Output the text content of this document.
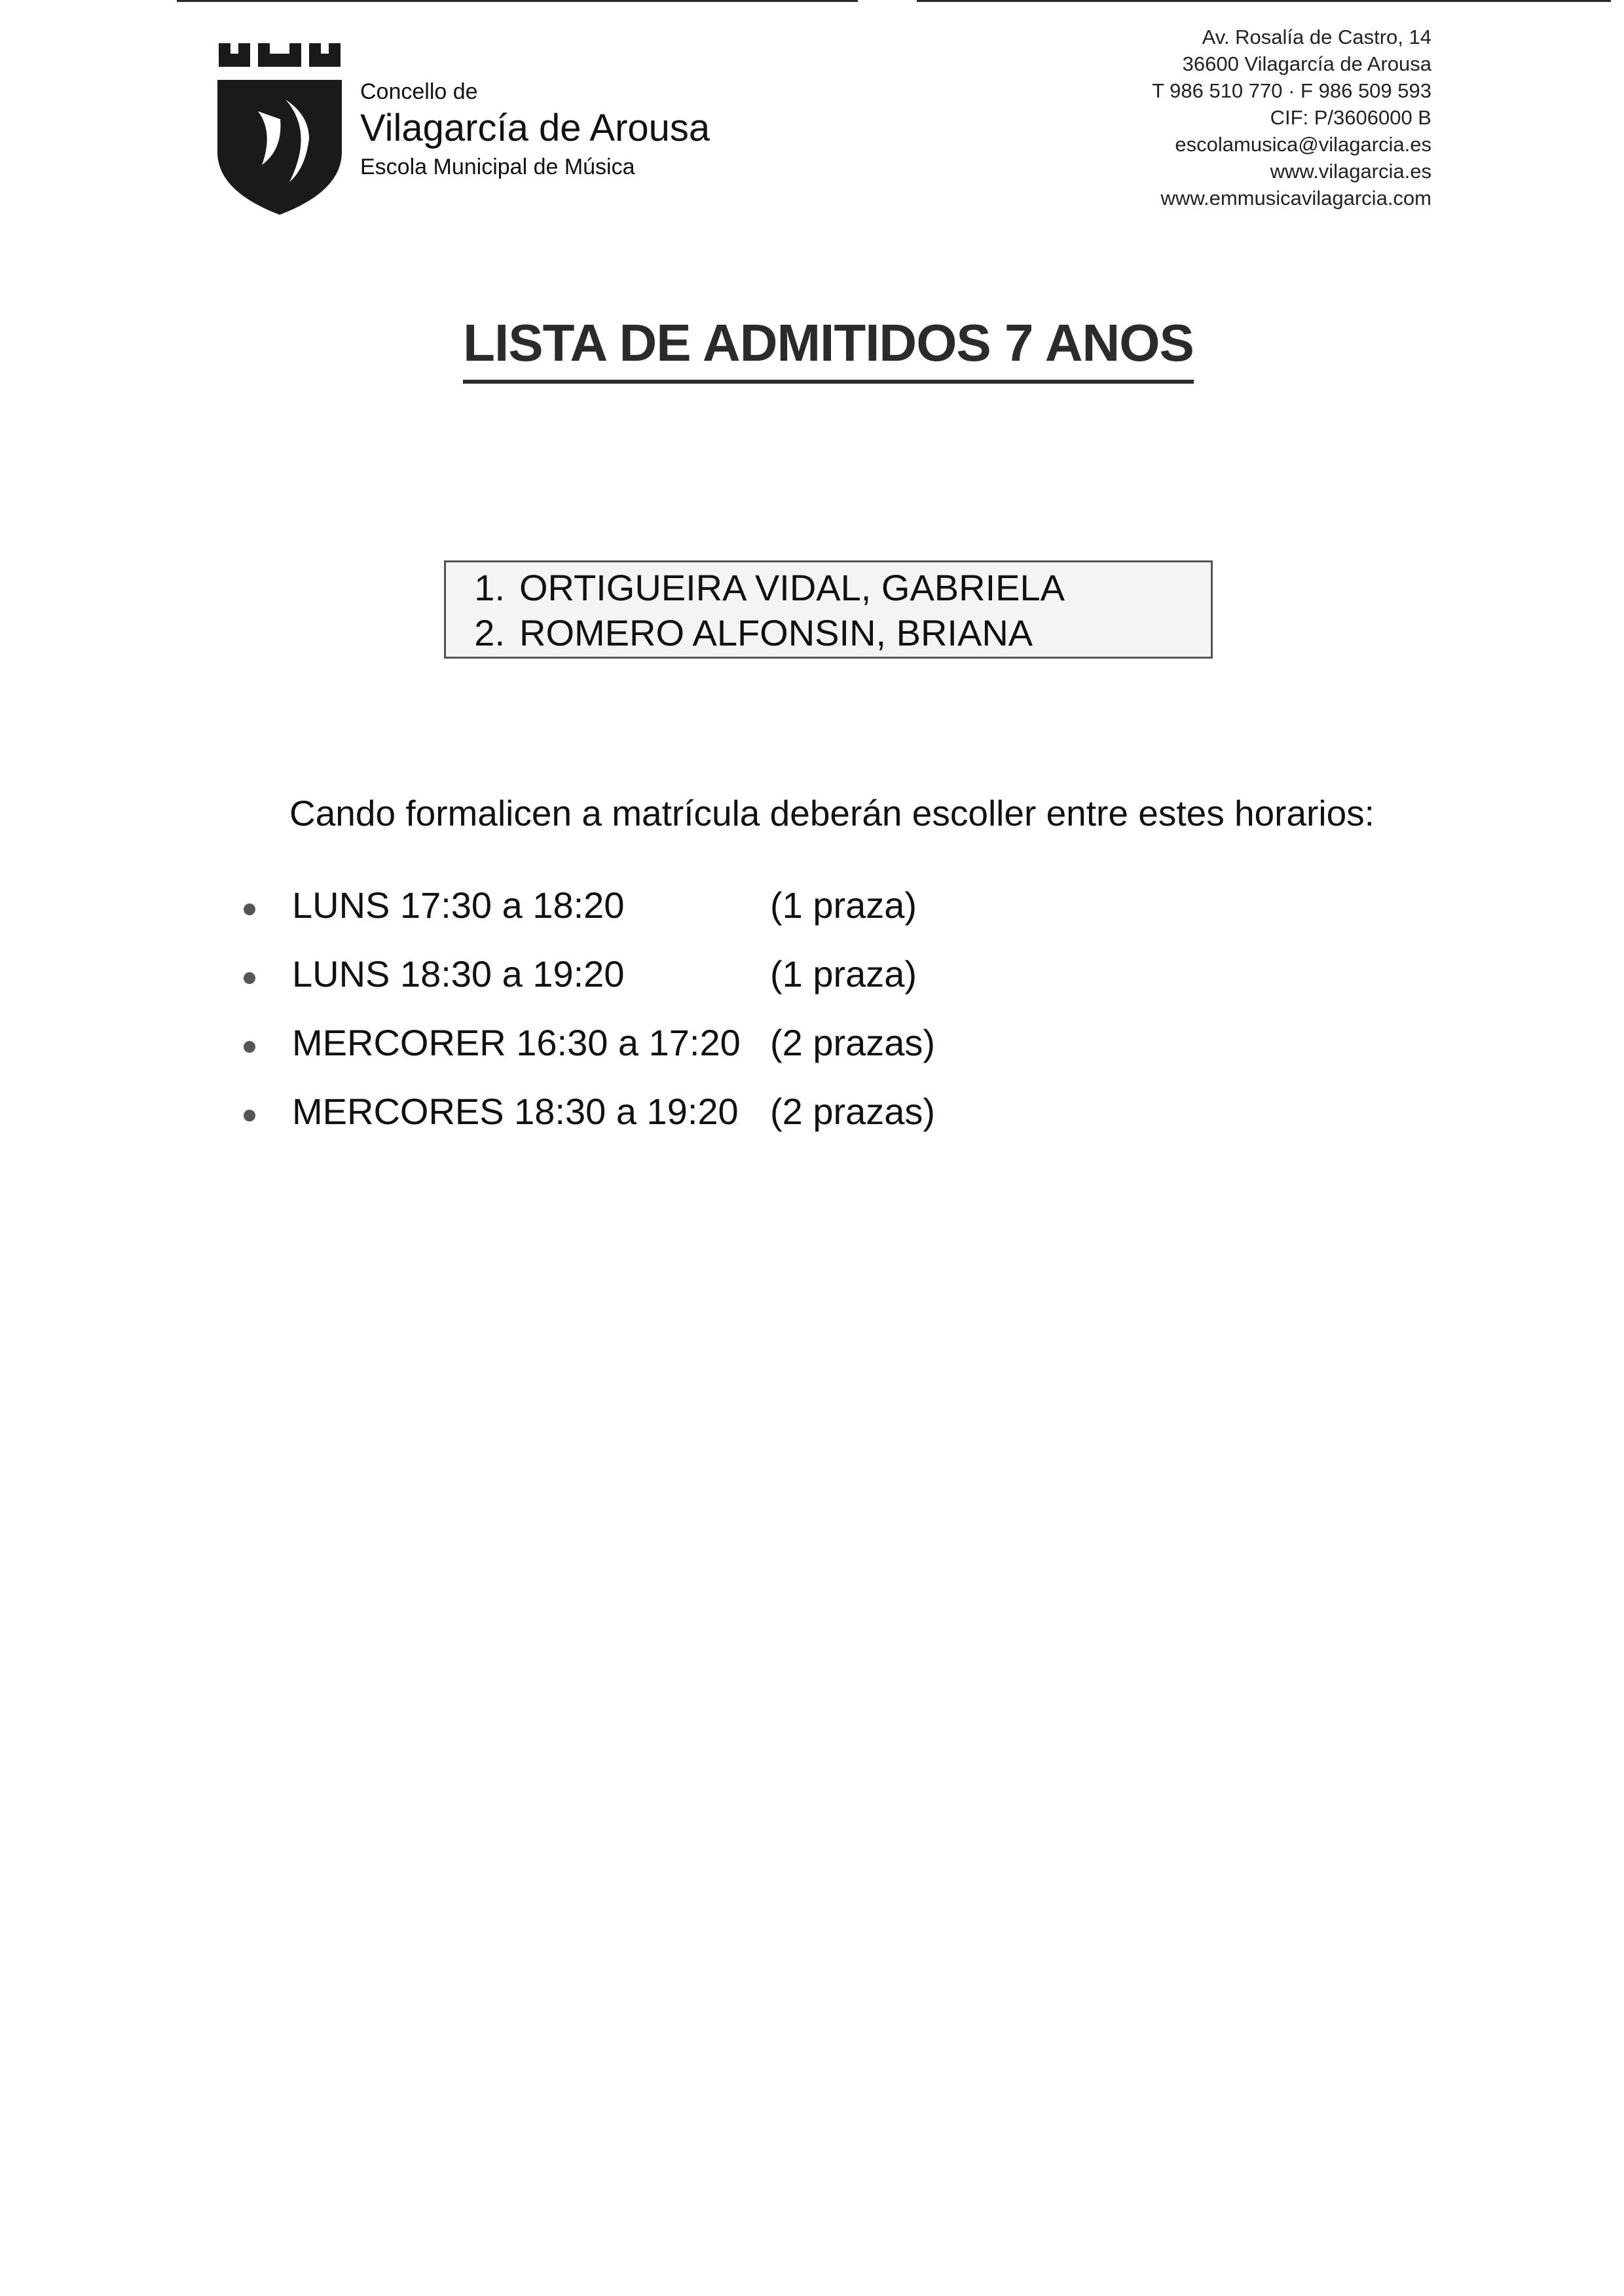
Concello de
Vilagarcía de Arousa
Escola Municipal de Música
Av. Rosalía de Castro, 14
36600 Vilagarcía de Arousa
T 986 510 770 · F 986 509 593
CIF: P/3606000 B
escolamusica@vilagarcia.es
www.vilagarcia.es
www.emmusicavilagarcia.com
LISTA DE ADMITIDOS 7 ANOS
1. ORTIGUEIRA VIDAL, GABRIELA
2. ROMERO ALFONSIN, BRIANA
Cando formalicen a matrícula deberán escoller entre estes horarios:
LUNS 17:30 a 18:20	(1 praza)
LUNS 18:30 a 19:20	(1 praza)
MERCORER 16:30 a 17:20 (2 prazas)
MERCORES 18:30 a 19:20 (2 prazas)
